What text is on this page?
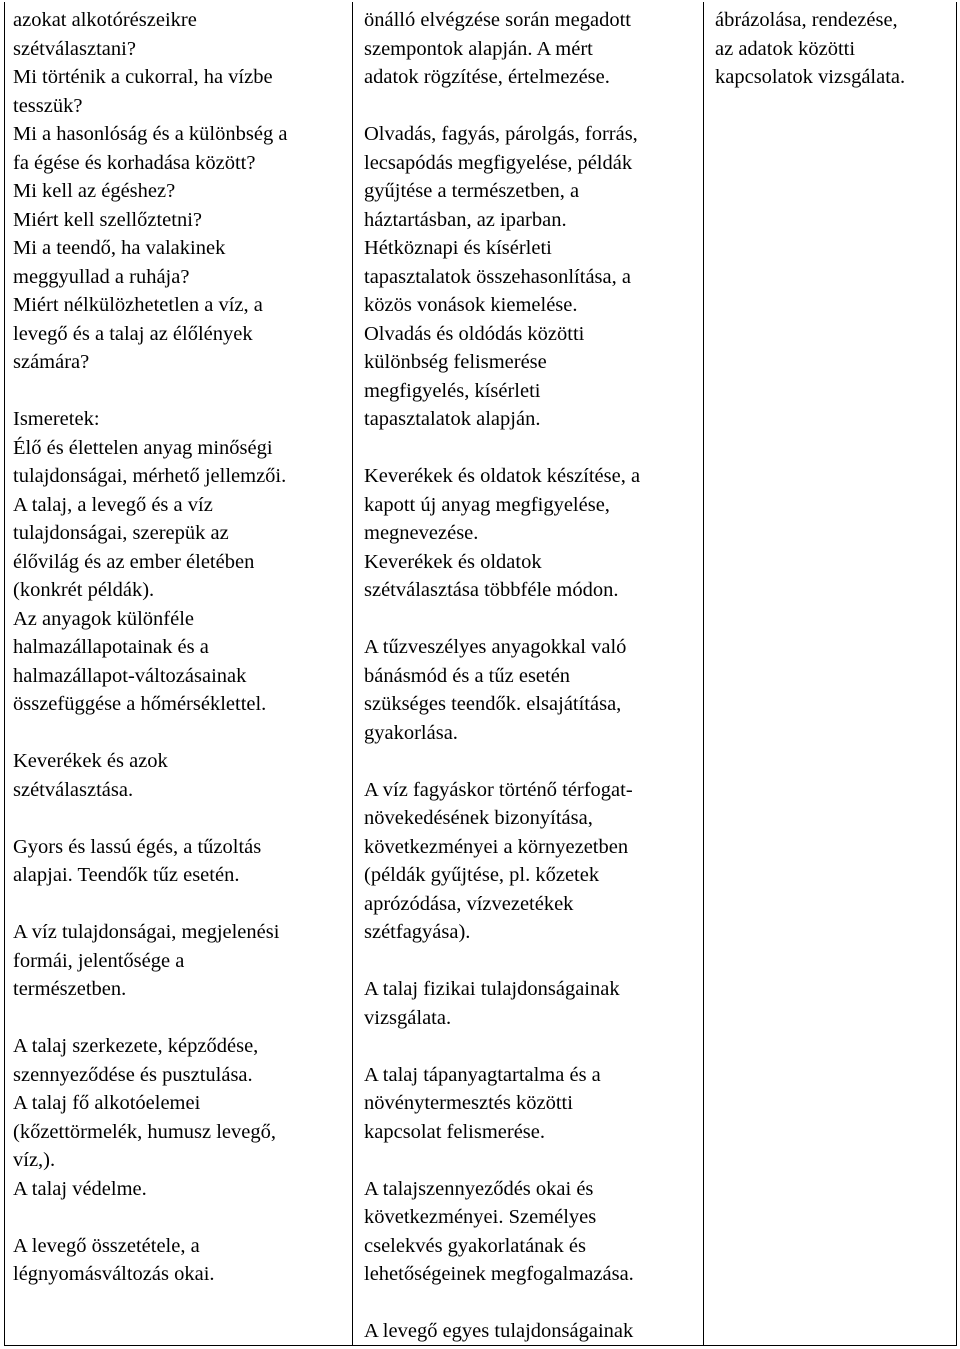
azokat alkotórészeikre
szétválasztani?
Mi történik a cukorral, ha vízbe
tesszük?
Mi a hasonlóság és a különbség a
fa égése és korhadása között?
Mi kell az égéshez?
Miért kell szellőztetni?
Mi a teendő, ha valakinek
meggyullad a ruhája?
Miért nélkülözhetetlen a víz, a
levegő és a talaj az élőlények
számára?
Ismeretek:
Élő és élettelen anyag minőségi
tulajdonságai, mérhető jellemzői.
A talaj, a levegő és a víz
tulajdonságai, szerepük az
élővilág és az ember életében
(konkrét példák).
Az anyagok különféle
halmazállapotainak és a
halmazállapot-változásainak
összefüggése a hőmérséklettel.
Keverékek és azok
szétválasztása.
Gyors és lassú égés, a tűzoltás
alapjai. Teendők tűz esetén.
A víz tulajdonságai, megjelenési
formái, jelentősége a
természetben.
A talaj szerkezete, képződése,
szennyeződése és pusztulása.
A talaj fő alkotóelemei
(kőzettörmelék, humusz levegő,
víz,).
A talaj védelme.
A levegő összetétele, a
légnyomásváltozás okai.
önálló elvégzése során megadott
szempontok alapján. A mért
adatok rögzítése, értelmezése.
Olvadás, fagyás, párolgás, forrás,
lecsapódás megfigyelése, példák
gyűjtése a természetben, a
háztartásban, az iparban.
Hétköznapi és kísérleti
tapasztalatok összehasonlítása, a
közös vonások kiemelése.
Olvadás és oldódás közötti
különbség felismerése
megfigyelés, kísérleti
tapasztalatok alapján.
Keverékek és oldatok készítése, a
kapott új anyag megfigyelése,
megnevezése.
Keverékek és oldatok
szétválasztása többféle módon.
A tűzveszélyes anyagokkal való
bánásmód és a tűz esetén
szükséges teendők. elsajátítása,
gyakorlása.
A víz fagyáskor történő térfogat-
növekedésének bizonyítása,
következményei a környezetben
(példák gyűjtése, pl. kőzetek
aprózódása, vízvezetékek
szétfagyása).
A talaj fizikai tulajdonságainak
vizsgálata.
A talaj tápanyagtartalma és a
növénytermesztés közötti
kapcsolat felismerése.
A talajszennyeződés okai és
következményei. Személyes
cselekvés gyakorlatának és
lehetőségeinek megfogalmazása.
A levegő egyes tulajdonságainak
ábrázolása, rendezése,
az adatok közötti
kapcsolatok vizsgálata.
